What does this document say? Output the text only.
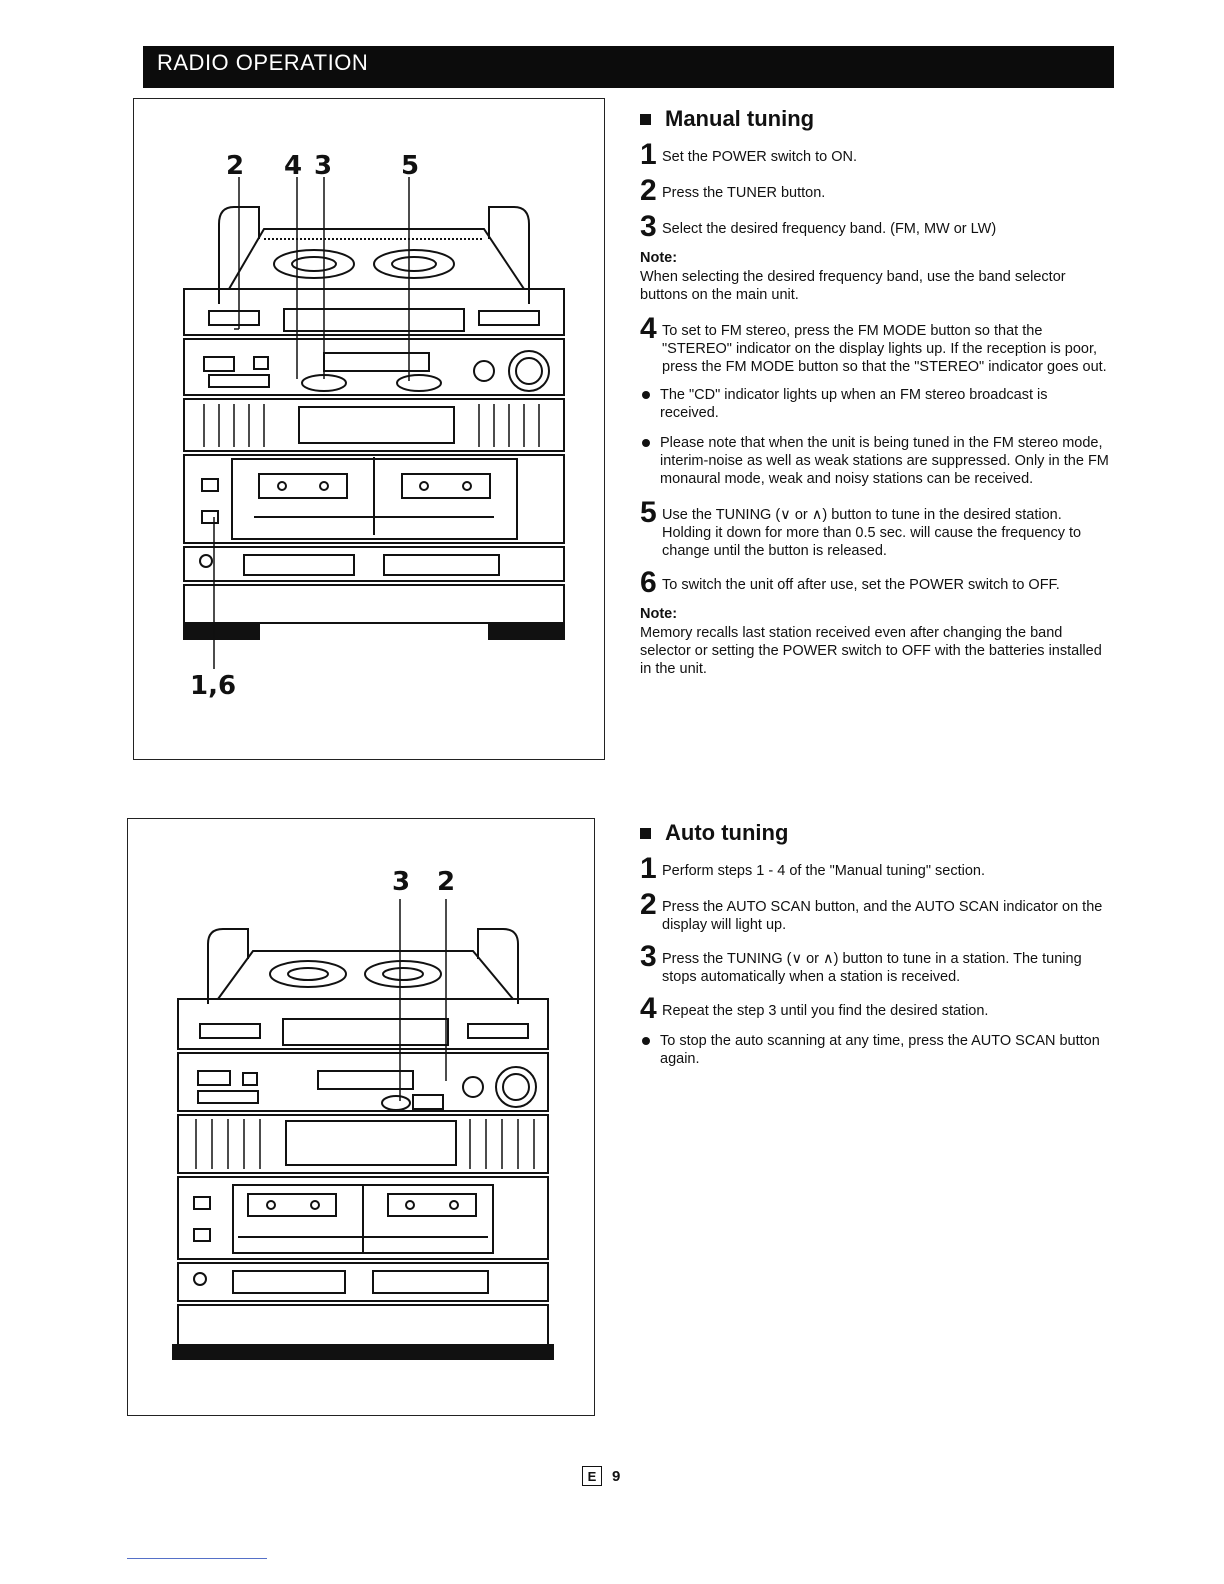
RADIO OPERATION
2 4 3	5
1,6
3 2
Manual tuning
1 Set the POWER switch to ON.
2 Press the TUNER button.
3 Select the desired frequency band. (FM, MW or LW)
Note:
When selecting the desired frequency band, use the band selector buttons on the main unit.
4 To set to FM stereo, press the FM MODE button so that the "STEREO" indicator on the display lights up. If the reception is poor, press the FM MODE button so that the "STEREO" indicator goes out.
The "CD" indicator lights up when an FM stereo broadcast is received.
Please note that when the unit is being tuned in the FM stereo mode, interim-noise as well as weak stations are suppressed. Only in the FM monaural mode, weak and noisy stations can be received.
5 Use the TUNING (∨ or ∧) button to tune in the desired station. Holding it down for more than 0.5 sec. will cause the frequency to change until the button is released.
6 To switch the unit off after use, set the POWER switch to OFF.
Note:
Memory recalls last station received even after changing the band selector or setting the POWER switch to OFF with the batteries installed in the unit.
Auto tuning
1 Perform steps 1 - 4 of the "Manual tuning" section.
2 Press the AUTO SCAN button, and the AUTO SCAN indicator on the display will light up.
3 Press the TUNING (∨ or ∧) button to tune in a station. The tuning stops automatically when a station is received.
4 Repeat the step 3 until you find the desired station.
To stop the auto scanning at any time, press the AUTO SCAN button again.
E	9
